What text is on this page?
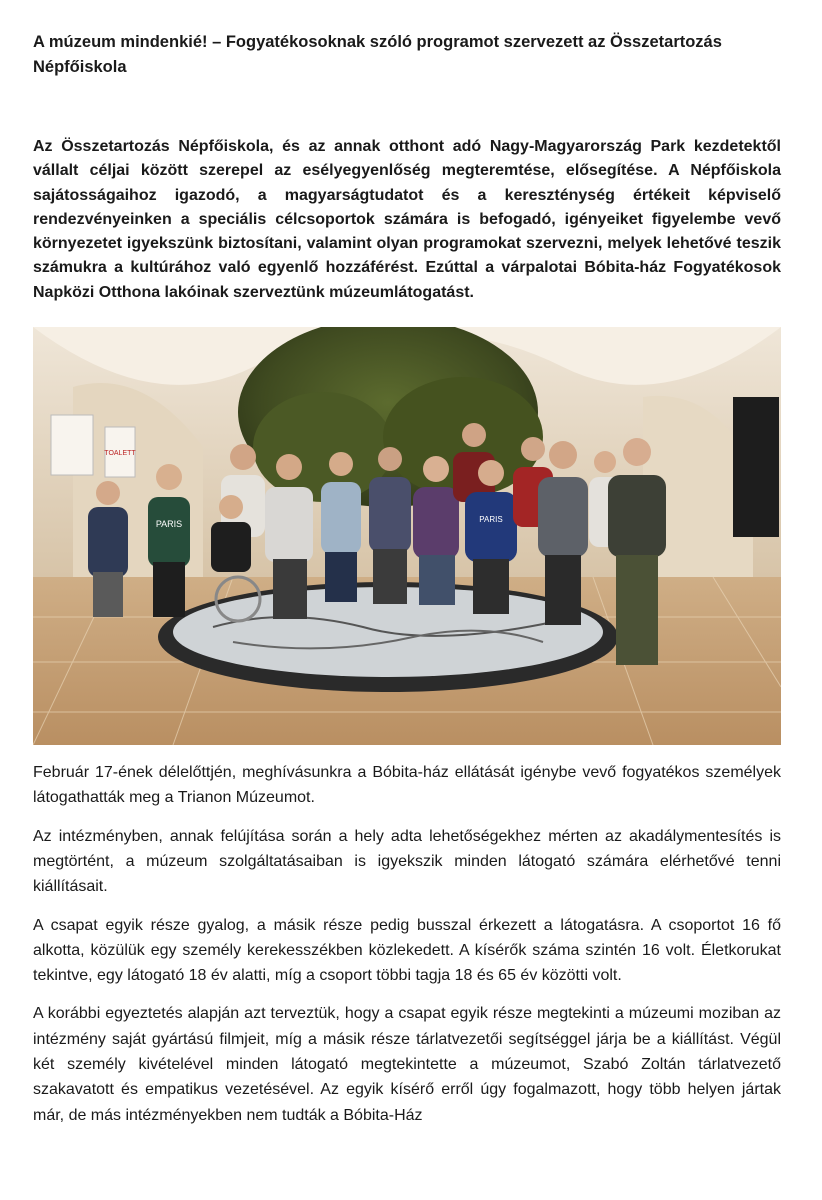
A múzeum mindenkié! – Fogyatékosoknak szóló programot szervezett az Összetartozás Népfőiskola

Az Összetartozás Népfőiskola, és az annak otthont adó Nagy-Magyarország Park kezdetektől vállalt céljai között szerepel az esélyegyenlőség megteremtése, elősegítése. A Népfőiskola sajátosságaihoz igazodó, a magyarságtudatot és a kereszténység értékeit képviselő rendezvényeinken a speciális célcsoportok számára is befogadó, igényeiket figyelembe vevő környezetet igyekszünk biztosítani, valamint olyan programokat szervezni, melyek lehetővé teszik számukra a kultúrához való egyenlő hozzáférést. Ezúttal a várpalotai Bóbita-ház Fogyatékosok Napközi Otthona lakóinak szerveztünk múzeumlátogatást.

TOALETT
PARIS	PARIS

Február 17-ének délelőttjén, meghívásunkra a Bóbita-ház ellátását igénybe vevő fogyatékos személyek látogathatták meg a Trianon Múzeumot.

Az intézményben, annak felújítása során a hely adta lehetőségekhez mérten az akadálymentesítés is megtörtént, a múzeum szolgáltatásaiban is igyekszik minden látogató számára elérhetővé tenni kiállításait.

A csapat egyik része gyalog, a másik része pedig busszal érkezett a látogatásra. A csoportot 16 fő alkotta, közülük egy személy kerekesszékben közlekedett. A kísérők száma szintén 16 volt. Életkorukat tekintve, egy látogató 18 év alatti, míg a csoport többi tagja 18 és 65 év közötti volt.

A korábbi egyeztetés alapján azt terveztük, hogy a csapat egyik része megtekinti a múzeumi moziban az intézmény saját gyártású filmjeit, míg a másik része tárlatvezetői segítséggel járja be a kiállítást. Végül két személy kivételével minden látogató megtekintette a múzeumot, Szabó Zoltán tárlatvezető szakavatott és empatikus vezetésével. Az egyik kísérő erről úgy fogalmazott, hogy több helyen jártak már, de más intézményekben nem tudták a Bóbita-Ház
